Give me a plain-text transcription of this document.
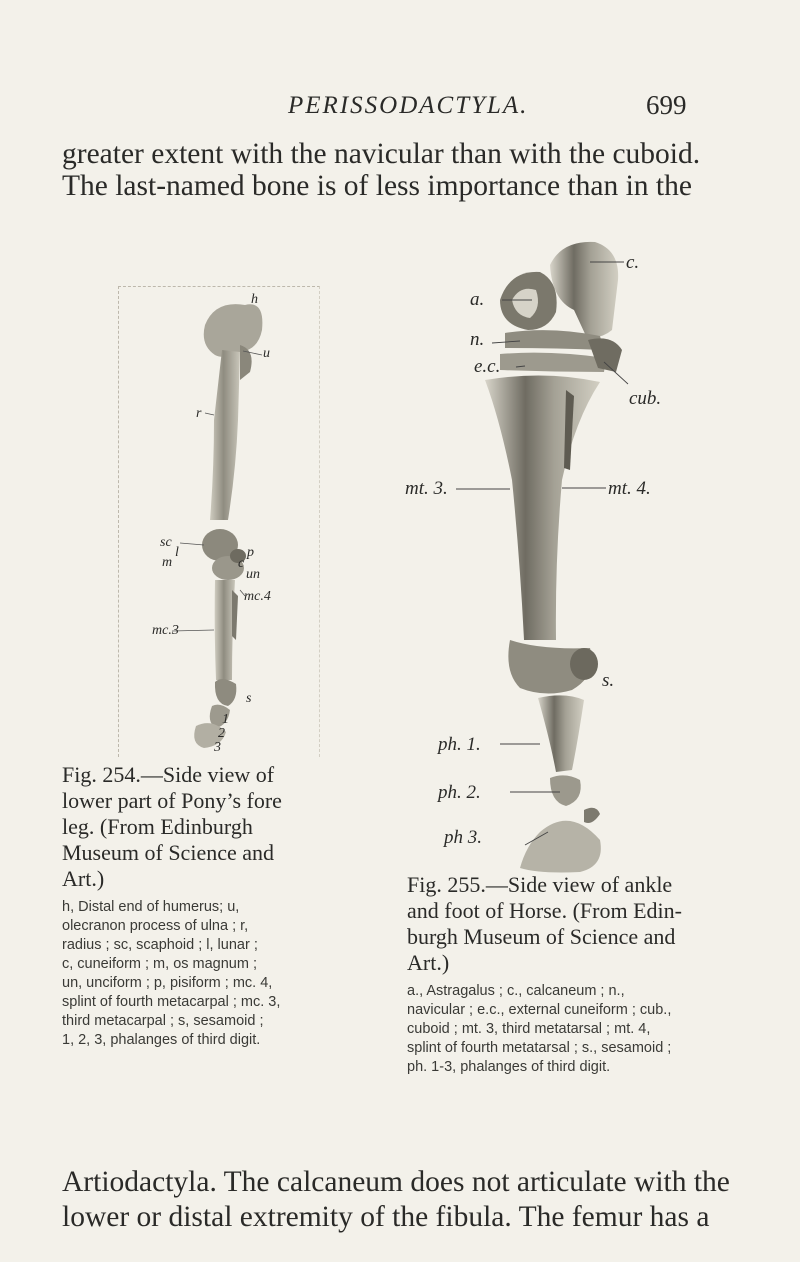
PERISSODACTYLA.	699
greater extent with the navicular than with the cuboid.
The last-named bone is of less importance than in the
h
u
r
sc
l
m
p
c
un
mc.4
mc.3
s
1
2
3
Fig. 254.—Side view of
lower part of Pony’s fore
leg. (From Edinburgh
Museum of Science and
Art.)
h, Distal end of humerus; u,
olecranon process of ulna ; r,
radius ; sc, scaphoid ; l, lunar ;
c, cuneiform ; m, os magnum ;
un, unciform ; p, pisiform ; mc. 4,
splint of fourth metacarpal ; mc. 3,
third metacarpal ; s, sesamoid ;
1, 2, 3, phalanges of third digit.
c.
a.
n.
e.c.
cub.
mt. 3.	mt. 4.
s.
ph. 1.
ph. 2.
ph 3.
Fig. 255.—Side view of ankle
and foot of Horse. (From Edin-
burgh Museum of Science and
Art.)
a., Astragalus ; c., calcaneum ; n.,
navicular ; e.c., external cuneiform ; cub.,
cuboid ; mt. 3, third metatarsal ; mt. 4,
splint of fourth metatarsal ; s., sesamoid ;
ph. 1-3, phalanges of third digit.
Artiodactyla. The calcaneum does not articulate with the
lower or distal extremity of the fibula. The femur has a
